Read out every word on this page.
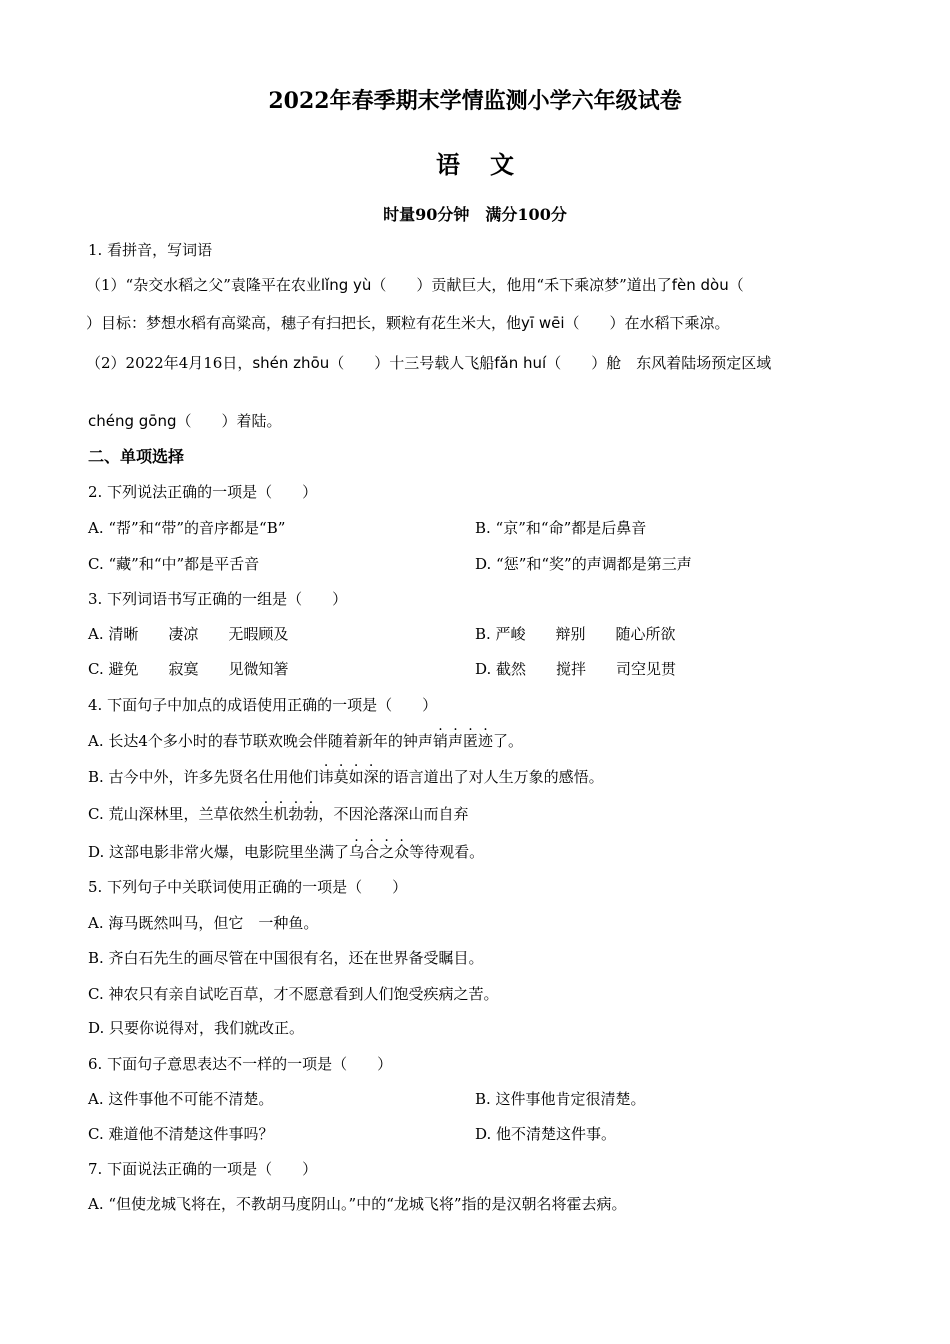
2022年春季期末学情监测小学六年级试卷
语文
时量90分钟　满分100分
1. 看拼音，写词语
（1）“杂交水稻之父”袁隆平在农业lǐng yù（　　）贡献巨大，他用“禾下乘凉梦”道出了fèn dòu（
）目标：梦想水稻有高粱高，穗子有扫把长，颗粒有花生米大，他yī wēi（　　）在水稻下乘凉。
（2）2022年4月16日，shén zhōu（　　）十三号载人飞船fǎn huí（　　）舱　东风着陆场预定区域
chéng gōng（　　）着陆。
二、单项选择
2. 下列说法正确的一项是（　　）
A. “帮”和“带”的音序都是“B”	B. “京”和“命”都是后鼻音
C. “藏”和“中”都是平舌音	D. “惩”和“奖”的声调都是第三声
3. 下列词语书写正确的一组是（　　）
A. 清晰　　凄凉　　无暇顾及	B. 严峻　　辩别　　随心所欲
C. 避免　　寂寞　　见微知箸	D. 截然　　搅拌　　司空见贯
4. 下面句子中加点的成语使用正确的一项是（　　）
A. 长达4个多小时的春节联欢晚会伴随着新年的钟声销声匿迹了。
B. 古今中外，许多先贤名仕用他们讳莫如深的语言道出了对人生万象的感悟。
C. 荒山深林里，兰草依然生机勃勃，不因沦落深山而自弃
D. 这部电影非常火爆，电影院里坐满了乌合之众等待观看。
5. 下列句子中关联词使用正确的一项是（　　）
A. 海马既然叫马，但它　一种鱼。
B. 齐白石先生的画尽管在中国很有名，还在世界备受瞩目。
C. 神农只有亲自试吃百草，才不愿意看到人们饱受疾病之苦。
D. 只要你说得对，我们就改正。
6. 下面句子意思表达不一样的一项是（　　）
A. 这件事他不可能不清楚。	B. 这件事他肯定很清楚。
C. 难道他不清楚这件事吗？	D. 他不清楚这件事。
7. 下面说法正确的一项是（　　）
A. “但使龙城飞将在，不教胡马度阴山。”中的“龙城飞将”指的是汉朝名将霍去病。
